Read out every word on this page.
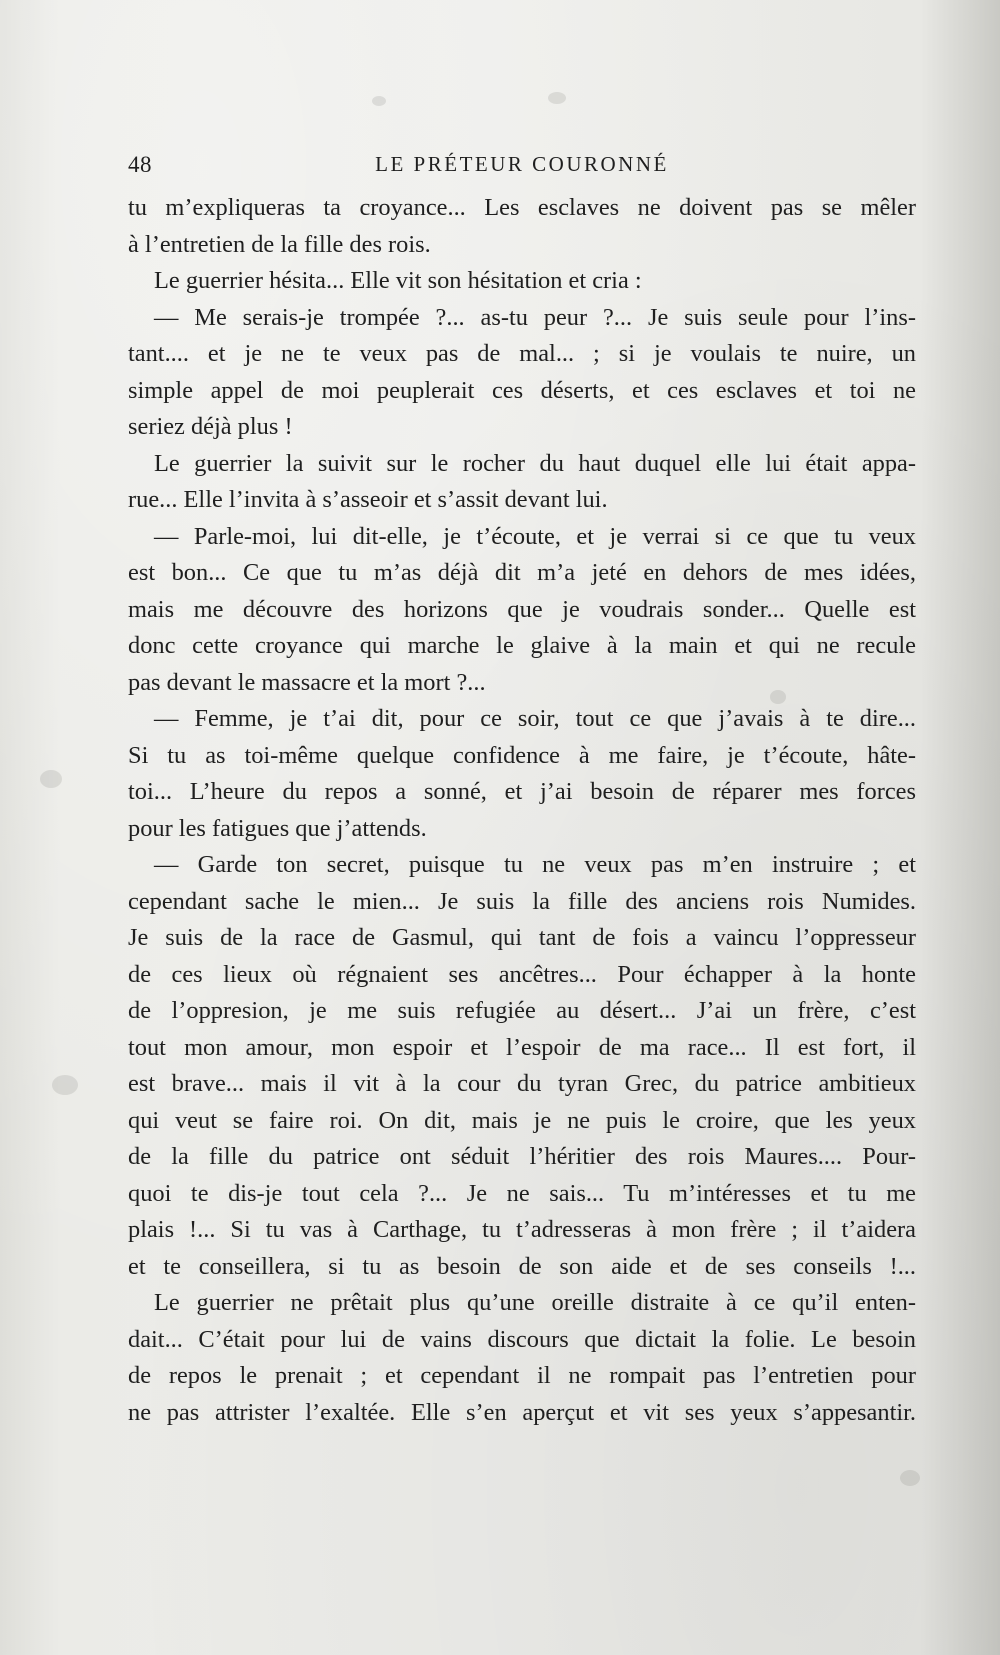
48	LE PRÉTEUR COURONNÉ
tu m’expliqueras ta croyance... Les esclaves ne doivent pas se mêler
à l’entretien de la fille des rois.
Le guerrier hésita... Elle vit son hésitation et cria :
— Me serais-je trompée ?... as-tu peur ?... Je suis seule pour l’ins-
tant.... et je ne te veux pas de mal... ; si je voulais te nuire, un
simple appel de moi peuplerait ces déserts, et ces esclaves et toi ne
seriez déjà plus !
Le guerrier la suivit sur le rocher du haut duquel elle lui était appa-
rue... Elle l’invita à s’asseoir et s’assit devant lui.
— Parle-moi, lui dit-elle, je t’écoute, et je verrai si ce que tu veux
est bon... Ce que tu m’as déjà dit m’a jeté en dehors de mes idées,
mais me découvre des horizons que je voudrais sonder... Quelle est
donc cette croyance qui marche le glaive à la main et qui ne recule
pas devant le massacre et la mort ?...
— Femme, je t’ai dit, pour ce soir, tout ce que j’avais à te dire...
Si tu as toi-même quelque confidence à me faire, je t’écoute, hâte-
toi... L’heure du repos a sonné, et j’ai besoin de réparer mes forces
pour les fatigues que j’attends.
— Garde ton secret, puisque tu ne veux pas m’en instruire ; et
cependant sache le mien... Je suis la fille des anciens rois Numides.
Je suis de la race de Gasmul, qui tant de fois a vaincu l’oppresseur
de ces lieux où régnaient ses ancêtres... Pour échapper à la honte
de l’oppresion, je me suis refugiée au désert... J’ai un frère, c’est
tout mon amour, mon espoir et l’espoir de ma race... Il est fort, il
est brave... mais il vit à la cour du tyran Grec, du patrice ambitieux
qui veut se faire roi. On dit, mais je ne puis le croire, que les yeux
de la fille du patrice ont séduit l’héritier des rois Maures.... Pour-
quoi te dis-je tout cela ?... Je ne sais... Tu m’intéresses et tu me
plais !... Si tu vas à Carthage, tu t’adresseras à mon frère ; il t’aidera
et te conseillera, si tu as besoin de son aide et de ses conseils !...
Le guerrier ne prêtait plus qu’une oreille distraite à ce qu’il enten-
dait... C’était pour lui de vains discours que dictait la folie. Le besoin
de repos le prenait ; et cependant il ne rompait pas l’entretien pour
ne pas attrister l’exaltée. Elle s’en aperçut et vit ses yeux s’appesantir.
